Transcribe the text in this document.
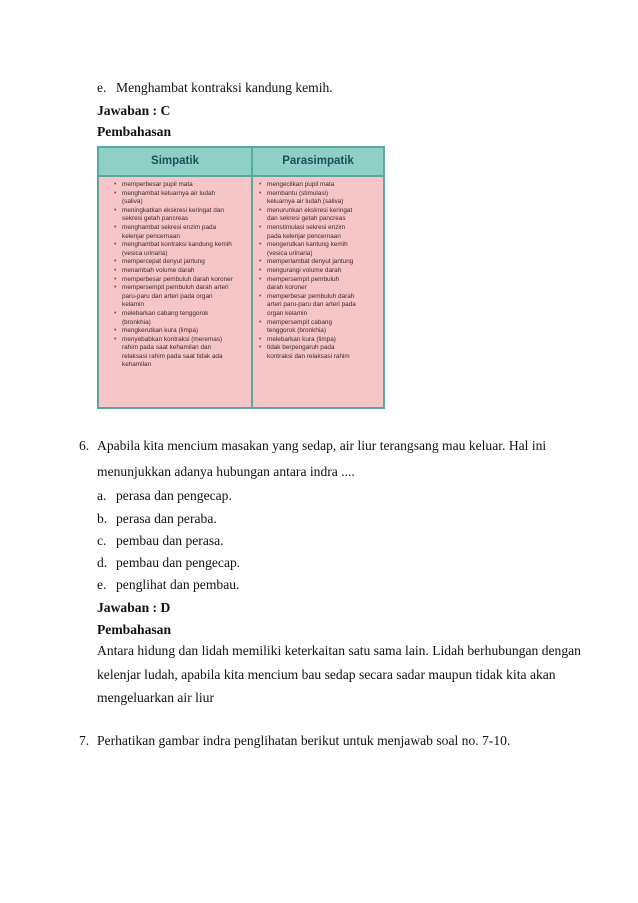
e. Menghambat kontraksi kandung kemih.
Jawaban : C
Pembahasan
Simpatik	Parasimpatik
• memperbesar pupil mata
• menghambat keluarnya air ludah
(saliva)
• meningkatkan ekskresi keringat dan
sekresi getah pancreas
• menghambat sekresi enzim pada
kelenjar pencernaan
• menghambat kontraksi kandung kemih
(vesica urinaria)
• mempercepat denyut jantung
• menambah volume darah
• memperbesar pembuluh darah koroner
• mempersempit pembuluh darah arteri
paru-paru dan arteri pada organ
kelamin
• melebarkan cabang tenggorok
(bronkhia)
• mengkerutkan kura (limpa)
• menyebabkan kontraksi (meremas)
rahim pada saat kehamilan dan
relaksasi rahim pada saat tidak ada
kehamilan
• mengecilkan pupil mata
• membantu (stimulasi)
keluarnya air ludah (saliva)
• menurunkan ekskresi keringat
dan sekresi getah pancreas
• menstimulasi sekresi enzim
pada kelenjar pencernaan
• mengerutkan kantung kemih
(vesica urinaria)
• memperlambat denyut jantung
• mengurangi volume darah
• mempersempit pembuluh
darah koroner
• memperbesar pembuluh darah
arteri paru-paru dan arteri pada
organ kelamin
• mempersempit cabang
tenggorok (bronkhia)
• melebarkan kura (limpa)
• tidak berpengaruh pada
kontraksi dan relaksasi rahim
6. Apabila kita mencium masakan yang sedap, air liur terangsang mau keluar. Hal ini
menunjukkan adanya hubungan antara indra ....
a. perasa dan pengecap.
b. perasa dan peraba.
c. pembau dan perasa.
d. pembau dan pengecap.
e. penglihat dan pembau.
Jawaban : D
Pembahasan
Antara hidung dan lidah memiliki keterkaitan satu sama lain. Lidah berhubungan dengan
kelenjar ludah, apabila kita mencium bau sedap secara sadar maupun tidak kita akan
mengeluarkan air liur
7. Perhatikan gambar indra penglihatan berikut untuk menjawab soal no. 7-10.
